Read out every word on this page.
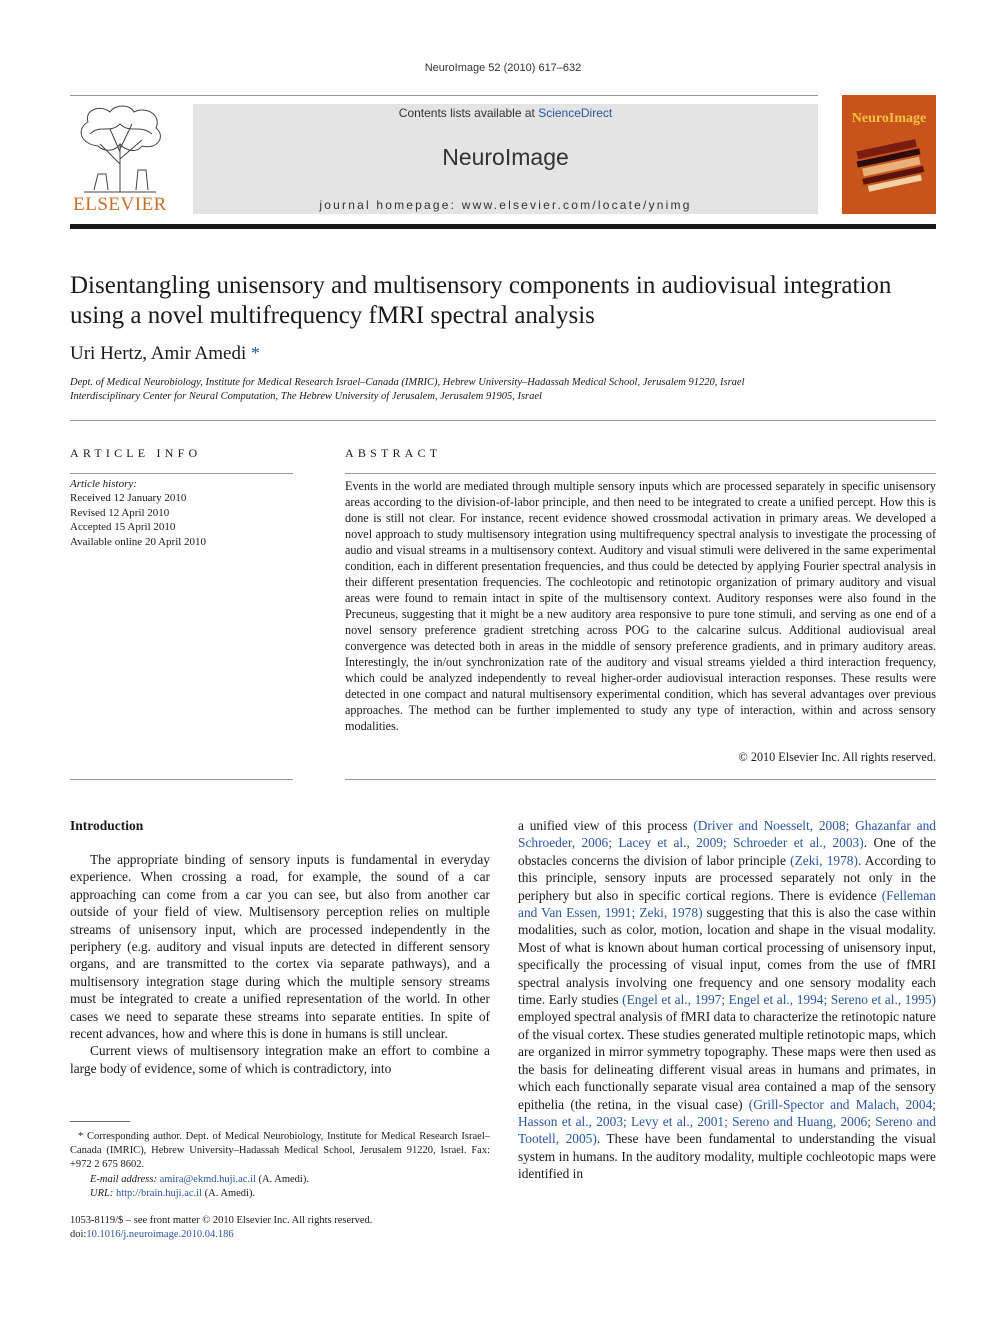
NeuroImage 52 (2010) 617–632
ELSEVIER
Contents lists available at ScienceDirect
NeuroImage
journal homepage: www.elsevier.com/locate/ynimg
NeuroImage
Disentangling unisensory and multisensory components in audiovisual integration
using a novel multifrequency fMRI spectral analysis
Uri Hertz, Amir Amedi *
Dept. of Medical Neurobiology, Institute for Medical Research Israel–Canada (IMRIC), Hebrew University–Hadassah Medical School, Jerusalem 91220, Israel
Interdisciplinary Center for Neural Computation, The Hebrew University of Jerusalem, Jerusalem 91905, Israel
ARTICLE INFO
Article history:
Received 12 January 2010
Revised 12 April 2010
Accepted 15 April 2010
Available online 20 April 2010
ABSTRACT
Events in the world are mediated through multiple sensory inputs which are processed separately in specific unisensory areas according to the division-of-labor principle, and then need to be integrated to create a unified percept. How this is done is still not clear. For instance, recent evidence showed crossmodal activation in primary areas. We developed a novel approach to study multisensory integration using multifrequency spectral analysis to investigate the processing of audio and visual streams in a multisensory context. Auditory and visual stimuli were delivered in the same experimental condition, each in different presentation frequencies, and thus could be detected by applying Fourier spectral analysis in their different presentation frequencies. The cochleotopic and retinotopic organization of primary auditory and visual areas were found to remain intact in spite of the multisensory context. Auditory responses were also found in the Precuneus, suggesting that it might be a new auditory area responsive to pure tone stimuli, and serving as one end of a novel sensory preference gradient stretching across POG to the calcarine sulcus. Additional audiovisual areal convergence was detected both in areas in the middle of sensory preference gradients, and in primary auditory areas. Interestingly, the in/out synchronization rate of the auditory and visual streams yielded a third interaction frequency, which could be analyzed independently to reveal higher-order audiovisual interaction responses. These results were detected in one compact and natural multisensory experimental condition, which has several advantages over previous approaches. The method can be further implemented to study any type of interaction, within and across sensory modalities.
© 2010 Elsevier Inc. All rights reserved.
Introduction

The appropriate binding of sensory inputs is fundamental in everyday experience. When crossing a road, for example, the sound of a car approaching can come from a car you can see, but also from another car outside of your field of view. Multisensory perception relies on multiple streams of unisensory input, which are processed independently in the periphery (e.g. auditory and visual inputs are detected in different sensory organs, and are transmitted to the cortex via separate pathways), and a multisensory integration stage during which the multiple sensory streams must be integrated to create a unified representation of the world. In other cases we need to separate these streams into separate entities. In spite of recent advances, how and where this is done in humans is still unclear.

Current views of multisensory integration make an effort to combine a large body of evidence, some of which is contradictory, into

* Corresponding author. Dept. of Medical Neurobiology, Institute for Medical Research Israel–Canada (IMRIC), Hebrew University–Hadassah Medical School, Jerusalem 91220, Israel. Fax: +972 2 675 8602.
E-mail address: amira@ekmd.huji.ac.il (A. Amedi).
URL: http://brain.huji.ac.il (A. Amedi).
1053-8119/$ – see front matter © 2010 Elsevier Inc. All rights reserved.
doi:10.1016/j.neuroimage.2010.04.186
a unified view of this process (Driver and Noesselt, 2008; Ghazanfar and Schroeder, 2006; Lacey et al., 2009; Schroeder et al., 2003). One of the obstacles concerns the division of labor principle (Zeki, 1978). According to this principle, sensory inputs are processed separately not only in the periphery but also in specific cortical regions. There is evidence (Felleman and Van Essen, 1991; Zeki, 1978) suggesting that this is also the case within modalities, such as color, motion, location and shape in the visual modality. Most of what is known about human cortical processing of unisensory input, specifically the processing of visual input, comes from the use of fMRI spectral analysis involving one frequency and one sensory modality each time. Early studies (Engel et al., 1997; Engel et al., 1994; Sereno et al., 1995) employed spectral analysis of fMRI data to characterize the retinotopic nature of the visual cortex. These studies generated multiple retinotopic maps, which are organized in mirror symmetry topography. These maps were then used as the basis for delineating different visual areas in humans and primates, in which each functionally separate visual area contained a map of the sensory epithelia (the retina, in the visual case) (Grill-Spector and Malach, 2004; Hasson et al., 2003; Levy et al., 2001; Sereno and Huang, 2006; Sereno and Tootell, 2005). These have been fundamental to understanding the visual system in humans. In the auditory modality, multiple cochleotopic maps were identified in
